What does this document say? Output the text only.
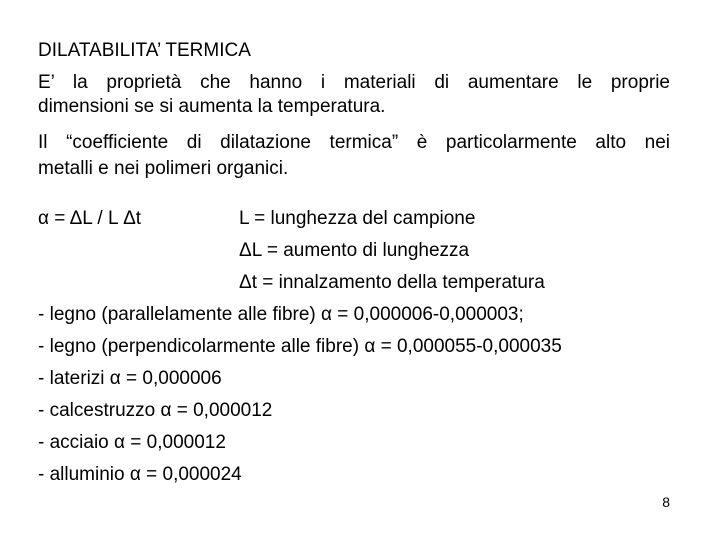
DILATABILITA’ TERMICA
E’ la proprietà che hanno i materiali di aumentare le proprie
dimensioni se si aumenta la temperatura.
Il “coefficiente di dilatazione termica” è particolarmente alto nei
metalli e nei polimeri organici.
α = ΔL / L Δt	L = lunghezza del campione
ΔL = aumento di lunghezza
Δt = innalzamento della temperatura
- legno (parallelamente alle fibre) α = 0,000006-0,000003;
- legno (perpendicolarmente alle fibre) α = 0,000055-0,000035
- laterizi α = 0,000006
- calcestruzzo α = 0,000012
- acciaio α = 0,000012
- alluminio α = 0,000024
8
